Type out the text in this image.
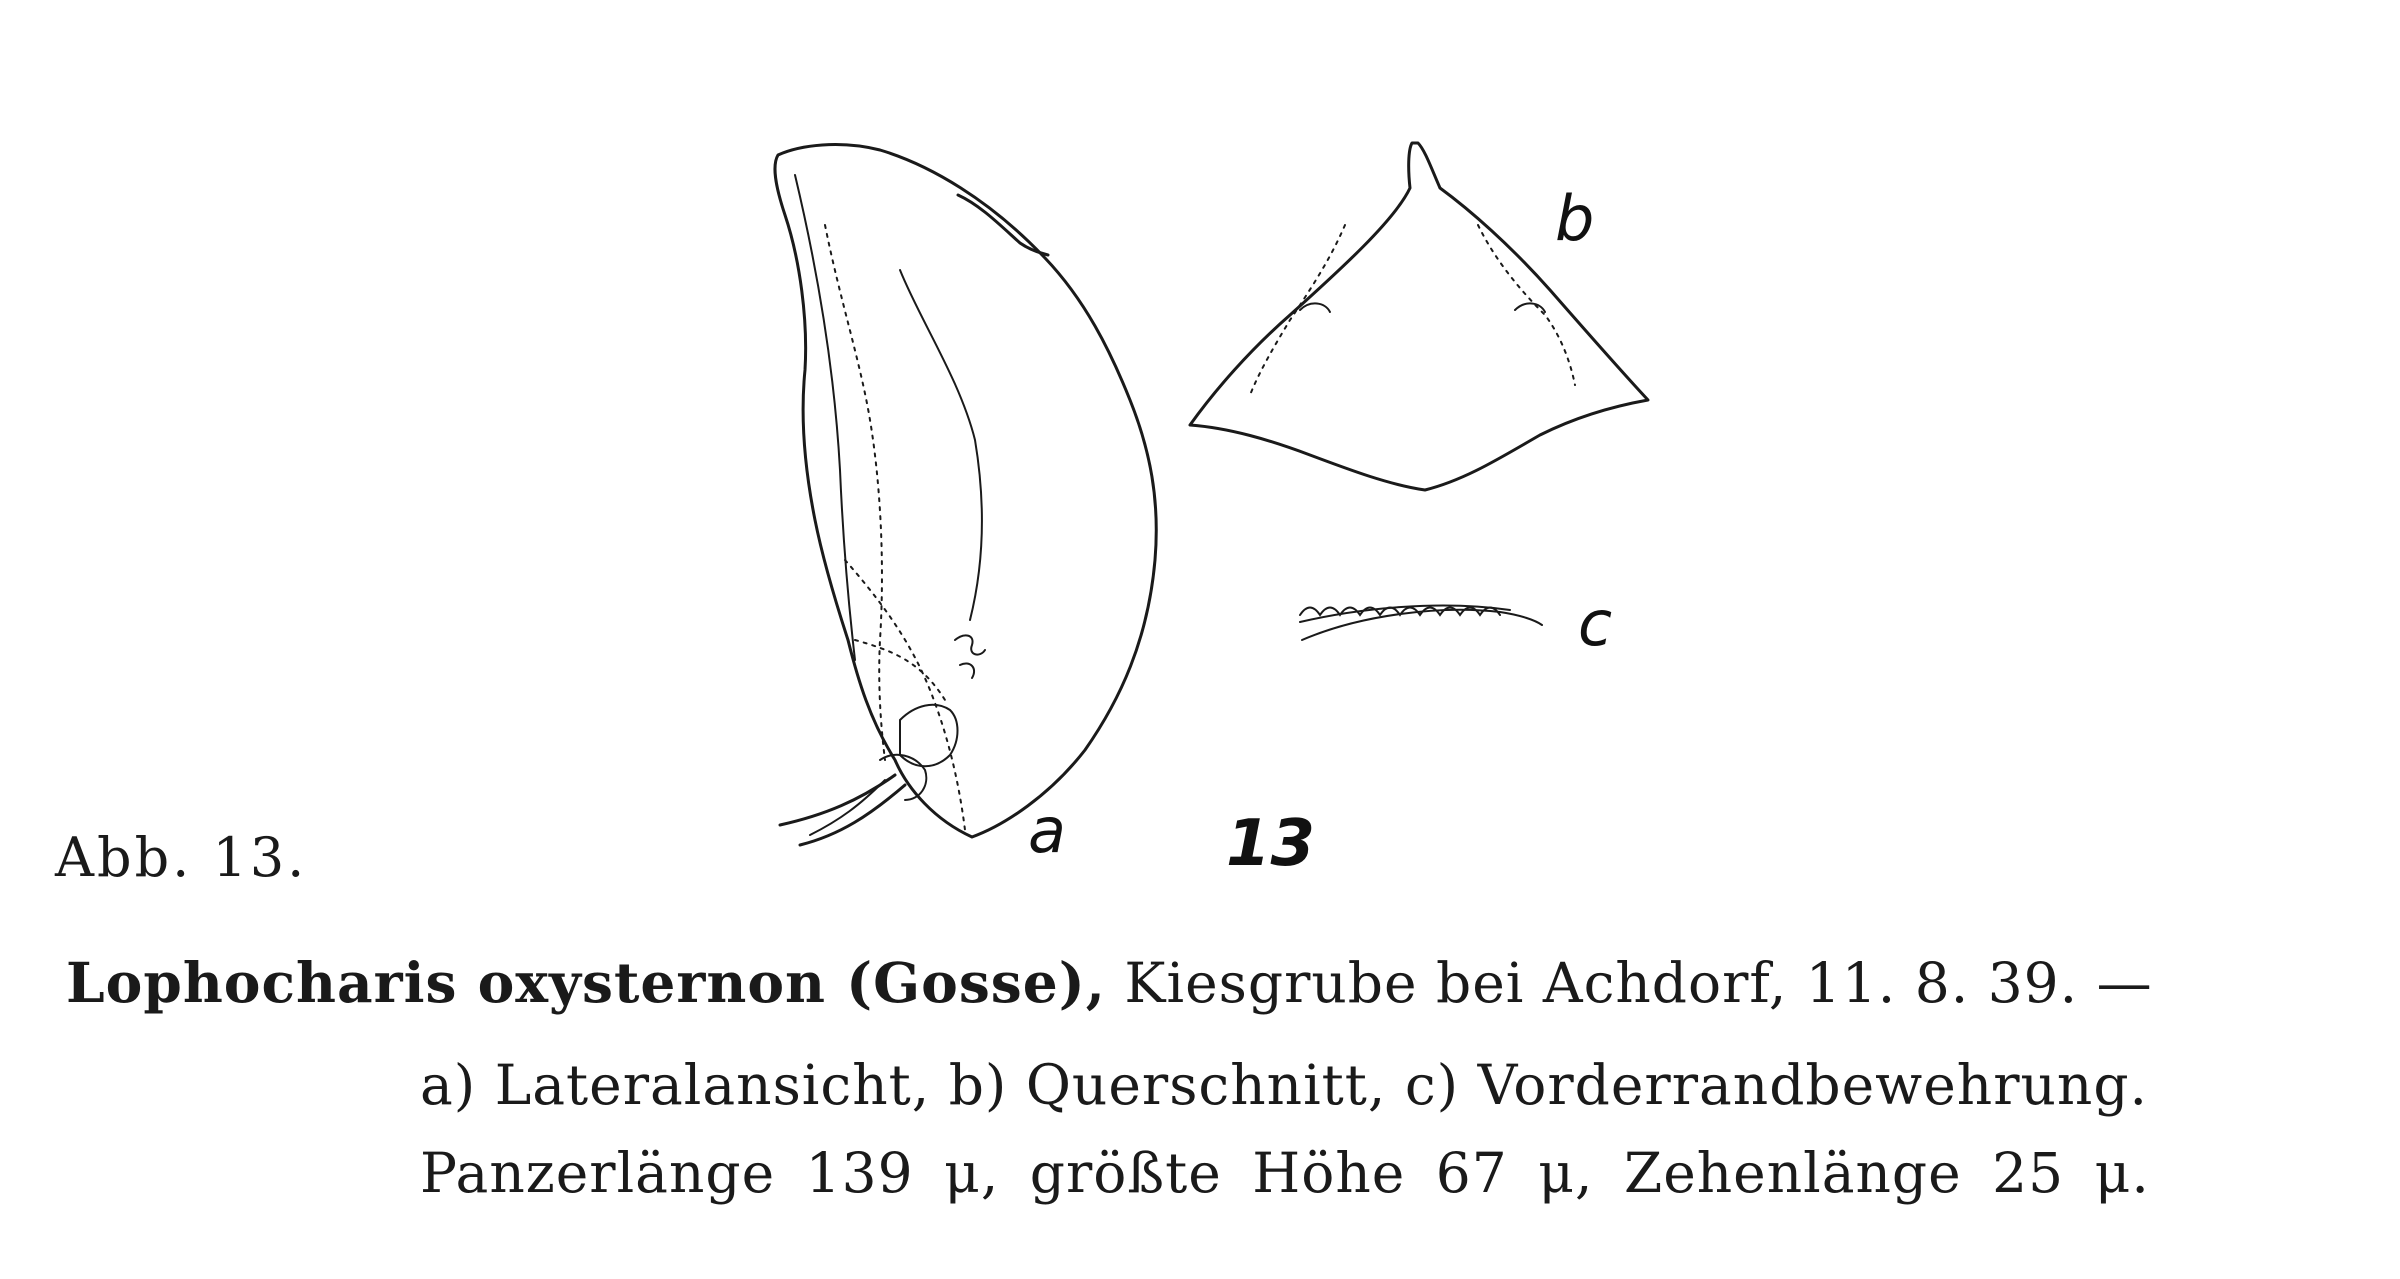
a
b
c
13
Abb. 13.
Lophocharis oxysternon (Gosse), Kiesgrube bei Achdorf, 11. 8. 39. —
a) Lateralansicht, b) Querschnitt, c) Vorderrandbewehrung.
Panzerlänge 139 μ, größte Höhe 67 μ, Zehenlänge 25 μ.
